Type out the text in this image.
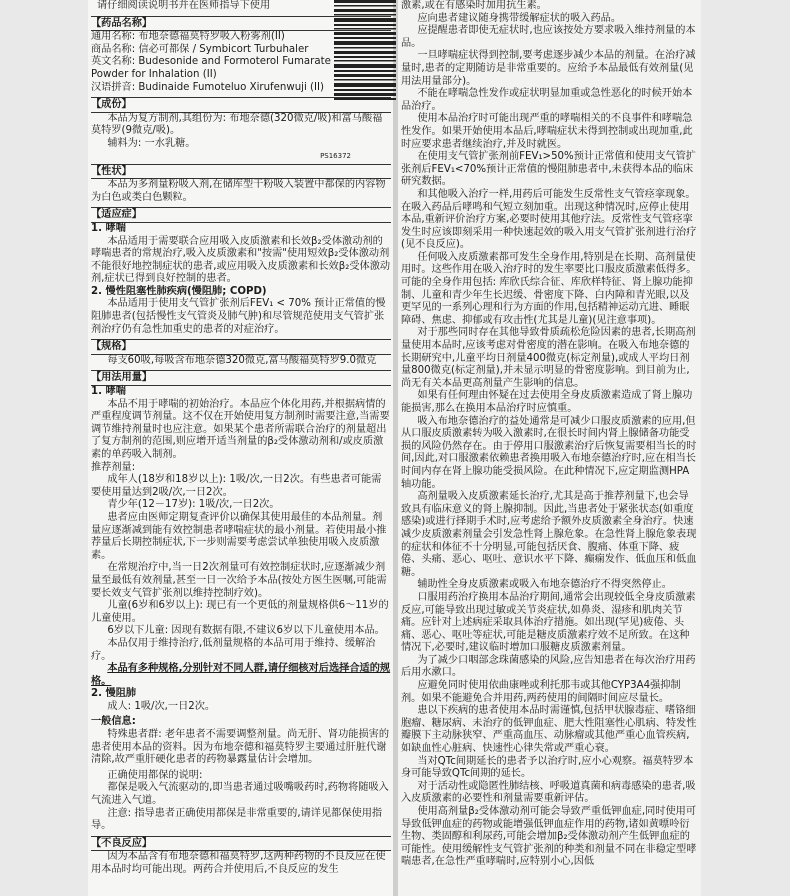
请仔细阅读说明书并在医师指导下使用

【药品名称】

通用名称: 布地奈德福莫特罗吸入粉雾剂(II)

商品名称: 信必可都保 / Symbicort Turbuhaler

英文名称: Budesonide and Formoterol Fumarate

Powder for Inhalation (II)

汉语拼音: Budinaide Fumoteluo Xirufenwuji (II)

【成份】

本品为复方制剂,其组份为: 布地奈德(320微克/吸)和富马酸福莫特罗(9微克/吸)。

辅料为: 一水乳糖。

PS16372

【性状】

本品为多剂量粉吸入剂,在储库型干粉吸入装置中都保的内容物为白色或类白色颗粒。

【适应症】

1. 哮喘

本品适用于需要联合应用吸入皮质激素和长效β₂受体激动剂的哮喘患者的常规治疗,吸入皮质激素和"按需"使用短效β₂受体激动剂不能很好地控制症状的患者,或应用吸入皮质激素和长效β₂受体激动剂,症状已得到良好控制的患者。

2. 慢性阻塞性肺疾病(慢阻肺; COPD)

本品适用于使用支气管扩张剂后FEV₁ < 70% 预计正常值的慢阻肺患者(包括慢性支气管炎及肺气肿)和尽管规范使用支气管扩张剂治疗仍有急性加重史的患者的对症治疗。

【规格】

每支60吸,每吸含布地奈德320微克,富马酸福莫特罗9.0微克

【用法用量】

1. 哮喘

本品不用于哮喘的初始治疗。本品应个体化用药,并根据病情的严重程度调节剂量。这不仅在开始使用复方制剂时需要注意,当需要调节维持剂量时也应注意。如果某个患者所需联合治疗的剂量超出了复方制剂的范围,则应增开适当剂量的β₂受体激动剂和/或皮质激素的单药吸入制剂。

推荐剂量:

成年人(18岁和18岁以上): 1吸/次,一日2次。有些患者可能需要使用量达到2吸/次,一日2次。

青少年(12－17岁): 1吸/次,一日2次。

患者应由医师定期复查评价以确保其使用最佳的本品剂量。剂量应逐渐减到能有效控制患者哮喘症状的最小剂量。若使用最小推荐量后长期控制症状,下一步则需要考虑尝试单独使用吸入皮质激素。

在常规治疗中,当一日2次剂量可有效控制症状时,应逐渐减少剂量至最低有效剂量,甚至一日一次给予本品(按处方医生医嘱,可能需要长效支气管扩张剂以维持控制疗效)。

儿童(6岁和6岁以上): 现已有一个更低的剂量规格供6～11岁的儿童使用。

6岁以下儿童: 因现有数据有限,不建议6岁以下儿童使用本品。

本品仅用于维持治疗,低剂量规格的本品可用于维持、缓解治疗。

本品有多种规格,分别针对不同人群,请仔细核对后选择合适的规格。

2. 慢阻肺

成人: 1吸/次,一日2次。

一般信息:

特殊患者群: 老年患者不需要调整剂量。尚无肝、肾功能损害的患者使用本品的资料。因为布地奈德和福莫特罗主要通过肝脏代谢清除,故严重肝硬化患者的药物暴露量估计会增加。

正确使用都保的说明:

都保是吸入气流驱动的,即当患者通过吸嘴吸药时,药物将随吸入气流进入气道。

注意: 指导患者正确使用都保是非常重要的,请详见都保使用指导。

【不良反应】

因为本品含有布地奈德和福莫特罗,这两种药物的不良反应在使用本品时均可能出现。两药合并使用后,不良反应的发生

激素,或在有感染时加用抗生素。

应向患者建议随身携带缓解症状的吸入药品。

应提醒患者即使无症状时,也应该按处方要求吸入维持剂量的本品。

一旦哮喘症状得到控制,要考虑逐步减少本品的剂量。在治疗减量时,患者的定期随访是非常重要的。应给予本品最低有效剂量(见用法用量部分)。

不能在哮喘急性发作或症状明显加重或急性恶化的时候开始本品治疗。

使用本品治疗时可能出现严重的哮喘相关的不良事件和哮喘急性发作。如果开始使用本品后,哮喘症状未得到控制或出现加重,此时应要求患者继续治疗,并及时就医。

在使用支气管扩张剂前FEV₁>50%预计正常值和使用支气管扩张剂后FEV₁<70%预计正常值的慢阻肺患者中,未获得本品的临床研究数据。

和其他吸入治疗一样,用药后可能发生反常性支气管痉挛现象。在吸入药品后哮鸣和气短立刻加重。出现这种情况时,应停止使用本品,重新评价治疗方案,必要时使用其他疗法。反常性支气管痉挛发生时应该即刻采用一种快速起效的吸入用支气管扩张剂进行治疗(见不良反应)。

任何吸入皮质激素都可发生全身作用,特别是在长期、高剂量使用时。这些作用在吸入治疗时的发生率要比口服皮质激素低得多。可能的全身作用包括: 库欣氏综合征、库欣样特征、肾上腺功能抑制、儿童和青少年生长迟缓、骨密度下降、白内障和青光眼,以及更罕见的一系列心理和行为方面的作用,包括精神运动亢进、睡眠障碍、焦虑、抑郁或有攻击性(尤其是儿童)(见注意事项)。

对于那些同时存在其他导致骨质疏松危险因素的患者,长期高剂量使用本品时,应该考虑对骨密度的潜在影响。在吸入布地奈德的长期研究中,儿童平均日剂量400微克(标定剂量),或成人平均日剂量800微克(标定剂量),并未显示明显的骨密度影响。到目前为止,尚无有关本品更高剂量产生影响的信息。

如果有任何理由怀疑在过去使用全身皮质激素造成了肾上腺功能损害,那么在换用本品治疗时应慎重。

吸入布地奈德治疗的益处通常是可减少口服皮质激素的应用,但从口服皮质激素转为吸入激素时,在很长时间内肾上腺储备功能受损的风险仍然存在。由于停用口服激素治疗后恢复需要相当长的时间,因此,对口服激素依赖患者换用吸入布地奈德治疗时,应在相当长时间内存在肾上腺功能受损风险。在此种情况下,应定期监测HPA轴功能。

高剂量吸入皮质激素延长治疗,尤其是高于推荐剂量下,也会导致具有临床意义的肾上腺抑制。因此,当患者处于紧张状态(如重度感染)或进行择期手术时,应考虑给予额外皮质激素全身治疗。快速减少皮质激素剂量会引发急性肾上腺危象。在急性肾上腺危象表现的症状和体征不十分明显,可能包括厌食、腹痛、体重下降、疲倦、头痛、恶心、呕吐、意识水平下降、癫痫发作、低血压和低血糖。

辅助性全身皮质激素或吸入布地奈德治疗不得突然停止。

口服用药治疗换用本品治疗期间,通常会出现较低全身皮质激素反应,可能导致出现过敏或关节炎症状,如鼻炎、湿疹和肌肉关节痛。应针对上述病症采取具体治疗措施。如出现(罕见)疲倦、头痛、恶心、呕吐等症状,可能是糖皮质激素疗效不足所致。在这种情况下,必要时,建议临时增加口服糖皮质激素剂量。

为了减少口咽部念珠菌感染的风险,应告知患者在每次治疗用药后用水漱口。

应避免同时使用依曲康唑或利托那韦或其他CYP3A4强抑制剂。如果不能避免合并用药,两药使用的间隔时间应尽量长。

患以下疾病的患者使用本品时需谨慎,包括甲状腺毒症、嗜铬细胞瘤、糖尿病、未治疗的低钾血症、肥大性阻塞性心肌病、特发性瓣膜下主动脉狭窄、严重高血压、动脉瘤或其他严重心血管疾病,如缺血性心脏病、快速性心律失常或严重心衰。

当对QTc间期延长的患者予以治疗时,应小心观察。福莫特罗本身可能导致QTc间期的延长。

对于活动性或隐匿性肺结核、呼吸道真菌和病毒感染的患者,吸入皮质激素的必要性和剂量需要重新评估。

使用高剂量β₂受体激动剂可能会导致严重低钾血症,同时使用可导致低钾血症的药物或能增强低钾血症作用的药物,诸如黄嘌呤衍生物、类固醇和利尿药,可能会增加β₂受体激动剂产生低钾血症的可能性。使用缓解性支气管扩张剂的种类和剂量不同在非稳定型哮喘患者,在急性严重哮喘时,应特别小心,因低
